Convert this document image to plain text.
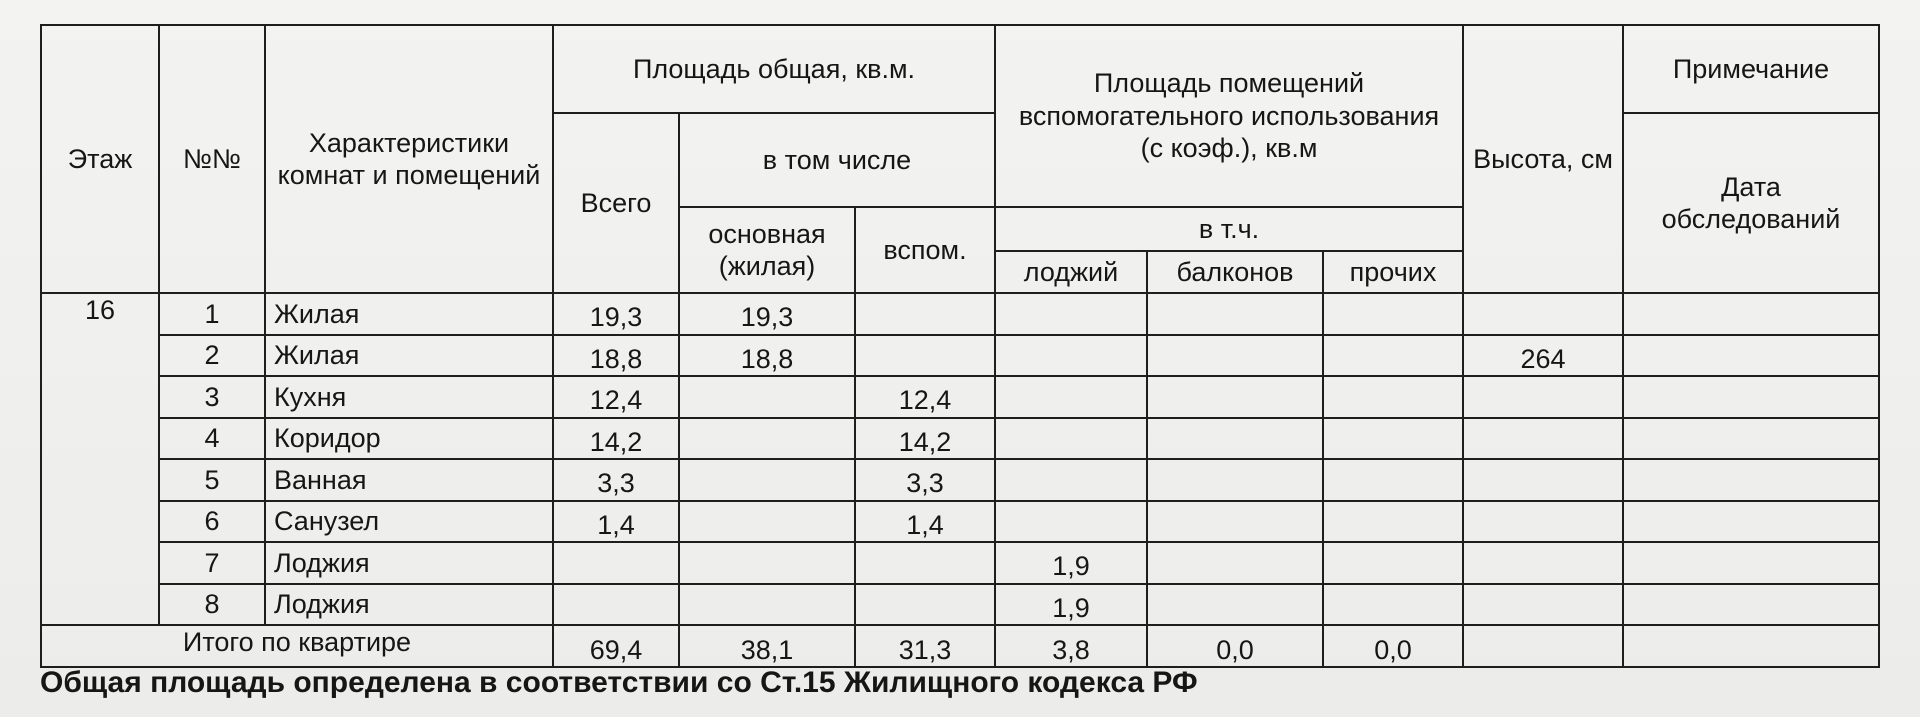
Этаж	№№	Характеристики комнат и помещений	Площадь общая, кв.м.			Площадь помещений вспомогательного использования (с коэф.), кв.м			Высота, см	Примечание
			Всего	в том числе						Дата обследований
				основная (жилая)	вспом.	в т.ч.				
						лоджий	балконов	прочих		
16	1	Жилая	19,3	19,3						
	2	Жилая	18,8	18,8					264	
	3	Кухня	12,4		12,4					
	4	Коридор	14,2		14,2					
	5	Ванная	3,3		3,3					
	6	Санузел	1,4		1,4					
	7	Лоджия				1,9				
	8	Лоджия				1,9				
Итого по квартире			69,4	38,1	31,3	3,8	0,0	0,0		
Общая площадь определена в соответствии со Ст.15 Жилищного кодекса РФ
